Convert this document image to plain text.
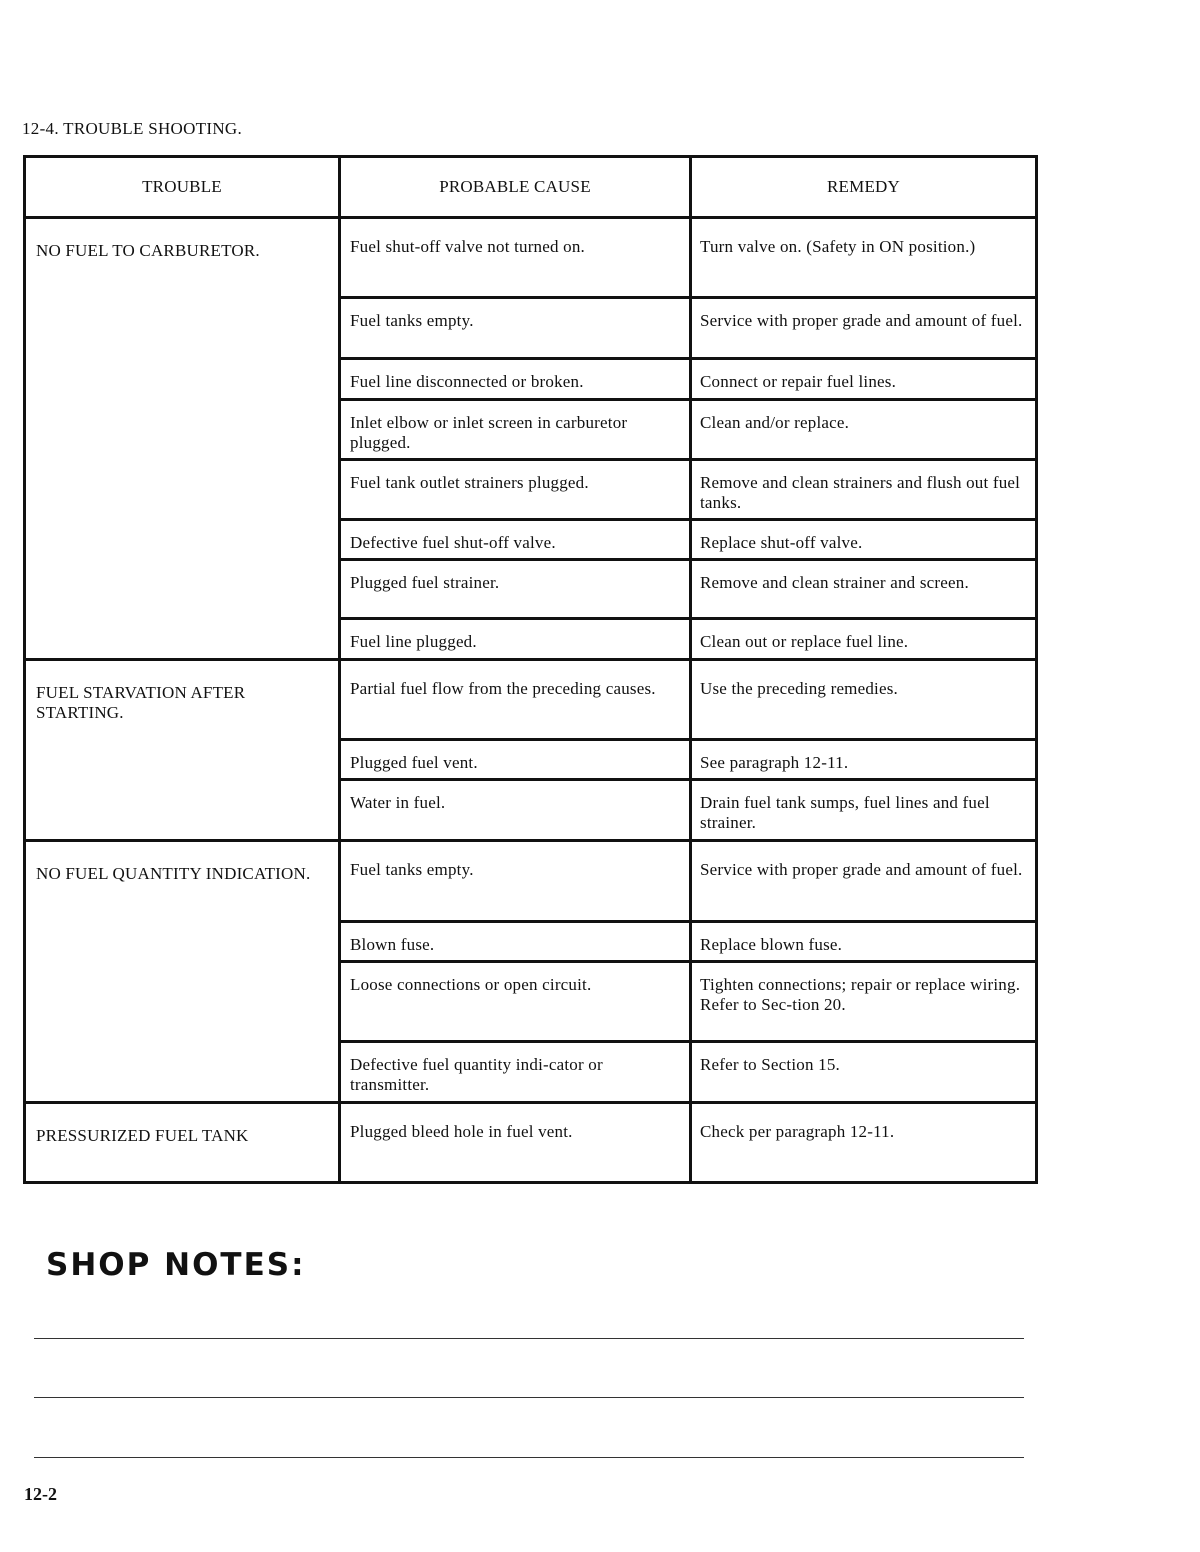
12-4. TROUBLE SHOOTING.
TROUBLE	PROBABLE CAUSE	REMEDY
NO FUEL TO CARBURETOR.	Fuel shut-off valve not turned on.	Turn valve on. (Safety in ON position.)
	Fuel tanks empty.	Service with proper grade and amount of fuel.
	Fuel line disconnected or broken.	Connect or repair fuel lines.
	Inlet elbow or inlet screen in carburetor plugged.	Clean and/or replace.
	Fuel tank outlet strainers plugged.	Remove and clean strainers and flush out fuel tanks.
	Defective fuel shut-off valve.	Replace shut-off valve.
	Plugged fuel strainer.	Remove and clean strainer and screen.
	Fuel line plugged.	Clean out or replace fuel line.
FUEL STARVATION AFTER STARTING.	Partial fuel flow from the preceding causes.	Use the preceding remedies.
	Plugged fuel vent.	See paragraph 12-11.
	Water in fuel.	Drain fuel tank sumps, fuel lines and fuel strainer.
NO FUEL QUANTITY INDICATION.	Fuel tanks empty.	Service with proper grade and amount of fuel.
	Blown fuse.	Replace blown fuse.
	Loose connections or open circuit.	Tighten connections; repair or replace wiring. Refer to Sec-tion 20.
	Defective fuel quantity indi-cator or transmitter.	Refer to Section 15.
PRESSURIZED FUEL TANK	Plugged bleed hole in fuel vent.	Check per paragraph 12-11.
SHOP NOTES:
12-2
